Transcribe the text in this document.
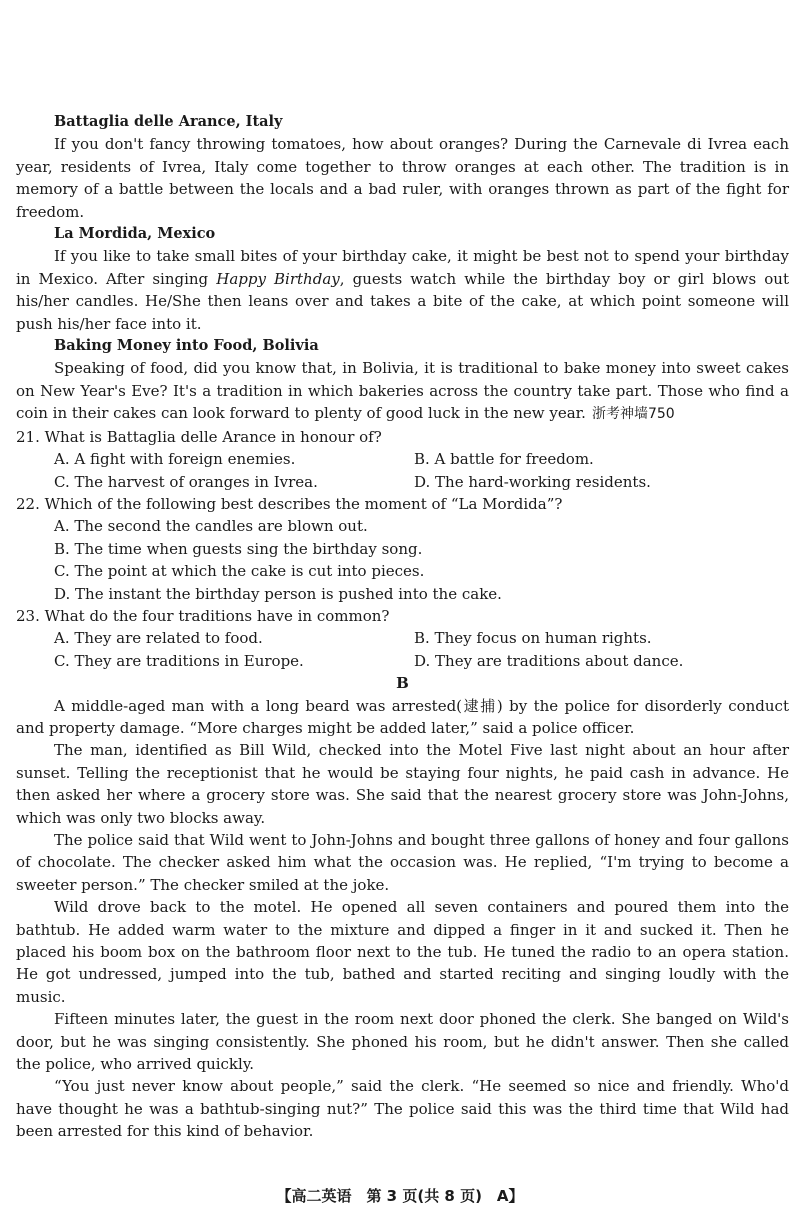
Battaglia delle Arance, Italy

If you don't fancy throwing tomatoes, how about oranges? During the Carnevale di Ivrea each year, residents of Ivrea, Italy come together to throw oranges at each other. The tradition is in memory of a battle between the locals and a bad ruler, with oranges thrown as part of the fight for freedom.

La Mordida, Mexico

If you like to take small bites of your birthday cake, it might be best not to spend your birthday in Mexico. After singing Happy Birthday, guests watch while the birthday boy or girl blows out his/her candles. He/She then leans over and takes a bite of the cake, at which point someone will push his/her face into it.

Baking Money into Food, Bolivia

Speaking of food, did you know that, in Bolivia, it is traditional to bake money into sweet cakes on New Year's Eve? It's a tradition in which bakeries across the country take part. Those who find a coin in their cakes can look forward to plenty of good luck in the new year. 浙考神墙750

21. What is Battaglia delle Arance in honour of?

A. A fight with foreign enemies.	B. A battle for freedom.
C. The harvest of oranges in Ivrea.	D. The hard-working residents.

22. Which of the following best describes the moment of “La Mordida”?

A. The second the candles are blown out.

B. The time when guests sing the birthday song.

C. The point at which the cake is cut into pieces.

D. The instant the birthday person is pushed into the cake.

23. What do the four traditions have in common?

A. They are related to food.	B. They focus on human rights.
C. They are traditions in Europe.	D. They are traditions about dance.

B

A middle-aged man with a long beard was arrested(逮捕) by the police for disorderly conduct and property damage. “More charges might be added later,” said a police officer.

The man, identified as Bill Wild, checked into the Motel Five last night about an hour after sunset. Telling the receptionist that he would be staying four nights, he paid cash in advance. He then asked her where a grocery store was. She said that the nearest grocery store was John-Johns, which was only two blocks away.

The police said that Wild went to John-Johns and bought three gallons of honey and four gallons of chocolate. The checker asked him what the occasion was. He replied, “I'm trying to become a sweeter person.” The checker smiled at the joke.

Wild drove back to the motel. He opened all seven containers and poured them into the bathtub. He added warm water to the mixture and dipped a finger in it and sucked it. Then he placed his boom box on the bathroom floor next to the tub. He tuned the radio to an opera station. He got undressed, jumped into the tub, bathed and started reciting and singing loudly with the music.

Fifteen minutes later, the guest in the room next door phoned the clerk. She banged on Wild's door, but he was singing consistently. She phoned his room, but he didn't answer. Then she called the police, who arrived quickly.

“You just never know about people,” said the clerk. “He seemed so nice and friendly. Who'd have thought he was a bathtub-singing nut?” The police said this was the third time that Wild had been arrested for this kind of behavior.

【高二英语　第 3 页(共 8 页)　A】
